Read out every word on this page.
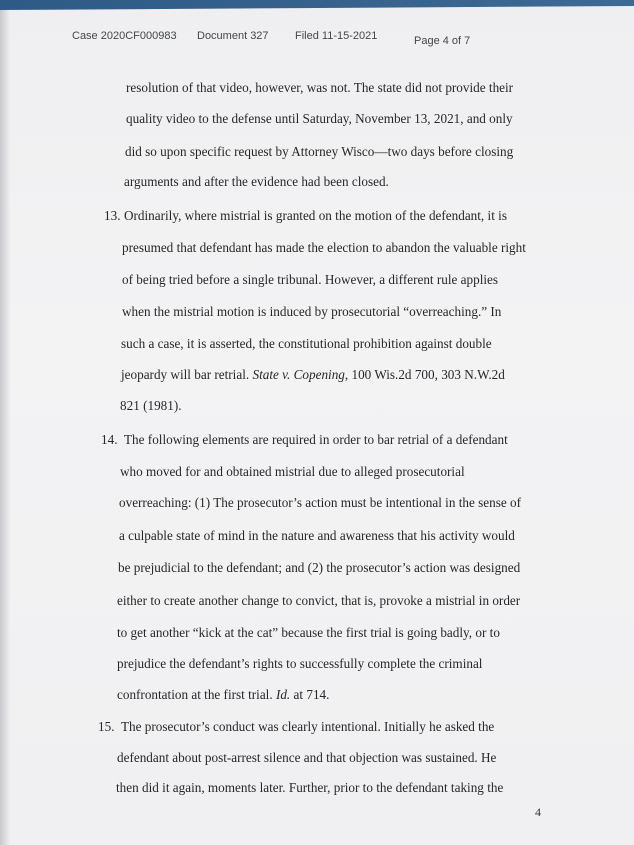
Case 2020CF000983 Document 327 Filed 11-15-2021	Page 4 of 7
resolution of that video, however, was not. The state did not provide their
quality video to the defense until Saturday, November 13, 2021, and only
did so upon specific request by Attorney Wisco—two days before closing
arguments and after the evidence had been closed.
13. Ordinarily, where mistrial is granted on the motion of the defendant, it is
presumed that defendant has made the election to abandon the valuable right
of being tried before a single tribunal. However, a different rule applies
when the mistrial motion is induced by prosecutorial “overreaching.” In
such a case, it is asserted, the constitutional prohibition against double
jeopardy will bar retrial. State v. Copening, 100 Wis.2d 700, 303 N.W.2d
821 (1981).
14. The following elements are required in order to bar retrial of a defendant
who moved for and obtained mistrial due to alleged prosecutorial
overreaching: (1) The prosecutor’s action must be intentional in the sense of
a culpable state of mind in the nature and awareness that his activity would
be prejudicial to the defendant; and (2) the prosecutor’s action was designed
either to create another change to convict, that is, provoke a mistrial in order
to get another “kick at the cat” because the first trial is going badly, or to
prejudice the defendant’s rights to successfully complete the criminal
confrontation at the first trial. Id. at 714.
15. The prosecutor’s conduct was clearly intentional. Initially he asked the
defendant about post-arrest silence and that objection was sustained. He
then did it again, moments later. Further, prior to the defendant taking the
4
